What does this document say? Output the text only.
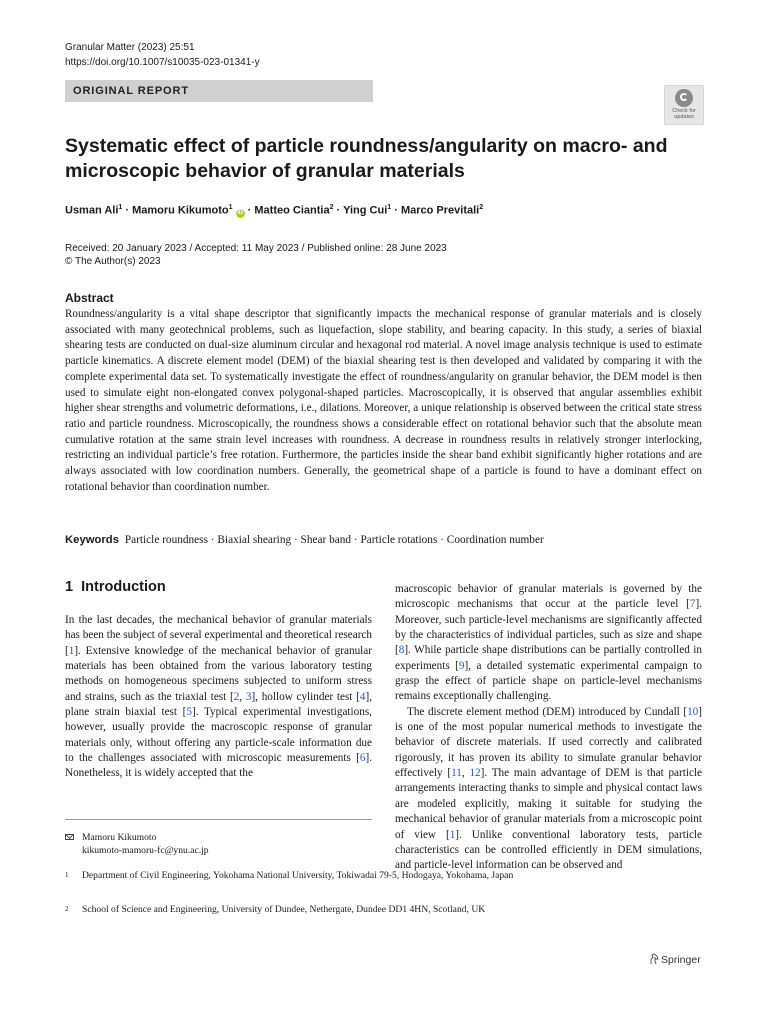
Granular Matter (2023) 25:51
https://doi.org/10.1007/s10035-023-01341-y
ORIGINAL REPORT
Check for
updates
Systematic effect of particle roundness/angularity on macro- and microscopic behavior of granular materials
Usman Ali$^1$ · Mamoru Kikumoto$^1$ iD · Matteo Ciantia$^2$ · Ying Cui$^1$ · Marco Previtali$^2$
Received: 20 January 2023 / Accepted: 11 May 2023 / Published online: 28 June 2023
© The Author(s) 2023
Abstract

Roundness/angularity is a vital shape descriptor that significantly impacts the mechanical response of granular materials and is closely associated with many geotechnical problems, such as liquefaction, slope stability, and bearing capacity. In this study, a series of biaxial shearing tests are conducted on dual-size aluminum circular and hexagonal rod material. A novel image analysis technique is used to estimate particle kinematics. A discrete element model (DEM) of the biaxial shearing test is then developed and validated by comparing it with the complete experimental data set. To systematically investigate the effect of roundness/angularity on granular behavior, the DEM model is then used to simulate eight non-elongated convex polygonal-shaped particles. Macroscopically, it is observed that angular assemblies exhibit higher shear strengths and volumetric deformations, i.e., dilations. Moreover, a unique relationship is observed between the critical state stress ratio and particle roundness. Microscopically, the roundness shows a considerable effect on rotational behavior such that the absolute mean cumulative rotation at the same strain level increases with roundness. A decrease in roundness results in relatively stronger interlocking, restricting an individual particle’s free rotation. Furthermore, the particles inside the shear band exhibit significantly higher rotations and are always associated with low coordination numbers. Generally, the geometrical shape of a particle is found to have a dominant effect on rotational behavior than coordination number.

Keywords Particle roundness · Biaxial shearing · Shear band · Particle rotations · Coordination number
1 Introduction

In the last decades, the mechanical behavior of granular materials has been the subject of several experimental and theoretical research [1]. Extensive knowledge of the mechanical behavior of granular materials has been obtained from the various laboratory testing methods on homogeneous specimens subjected to uniform stress and strains, such as the triaxial test [2, 3], hollow cylinder test [4], plane strain biaxial test [5]. Typical experimental investigations, however, usually provide the macroscopic response of granular materials only, without offering any particle-scale information due to the challenges associated with microscopic measurements [6]. Nonetheless, it is widely accepted that the

macroscopic behavior of granular materials is governed by the microscopic mechanisms that occur at the particle level [7]. Moreover, such particle-level mechanisms are significantly affected by the characteristics of individual particles, such as size and shape [8]. While particle shape distributions can be partially controlled in experiments [9], a detailed systematic experimental campaign to grasp the effect of particle shape on particle-level mechanisms remains exceptionally challenging.

The discrete element method (DEM) introduced by Cundall [10] is one of the most popular numerical methods to investigate the behavior of discrete materials. If used correctly and calibrated rigorously, it has proven its ability to simulate granular behavior effectively [11, 12]. The main advantage of DEM is that particle arrangements interacting thanks to simple and physical contact laws are modeled explicitly, making it suitable for studying the mechanical behavior of granular materials from a microscopic point of view [1]. Unlike conventional laboratory tests, particle characteristics can be controlled efficiently in DEM simulations, and particle-level information can be observed and

Mamoru Kikumoto
kikumoto-mamoru-fc@ynu.ac.jp
1 Department of Civil Engineering, Yokohama National University, Tokiwadai 79-5, Hodogaya, Yokohama, Japan
2 School of Science and Engineering, University of Dundee, Nethergate, Dundee DD1 4HN, Scotland, UK
Springer
